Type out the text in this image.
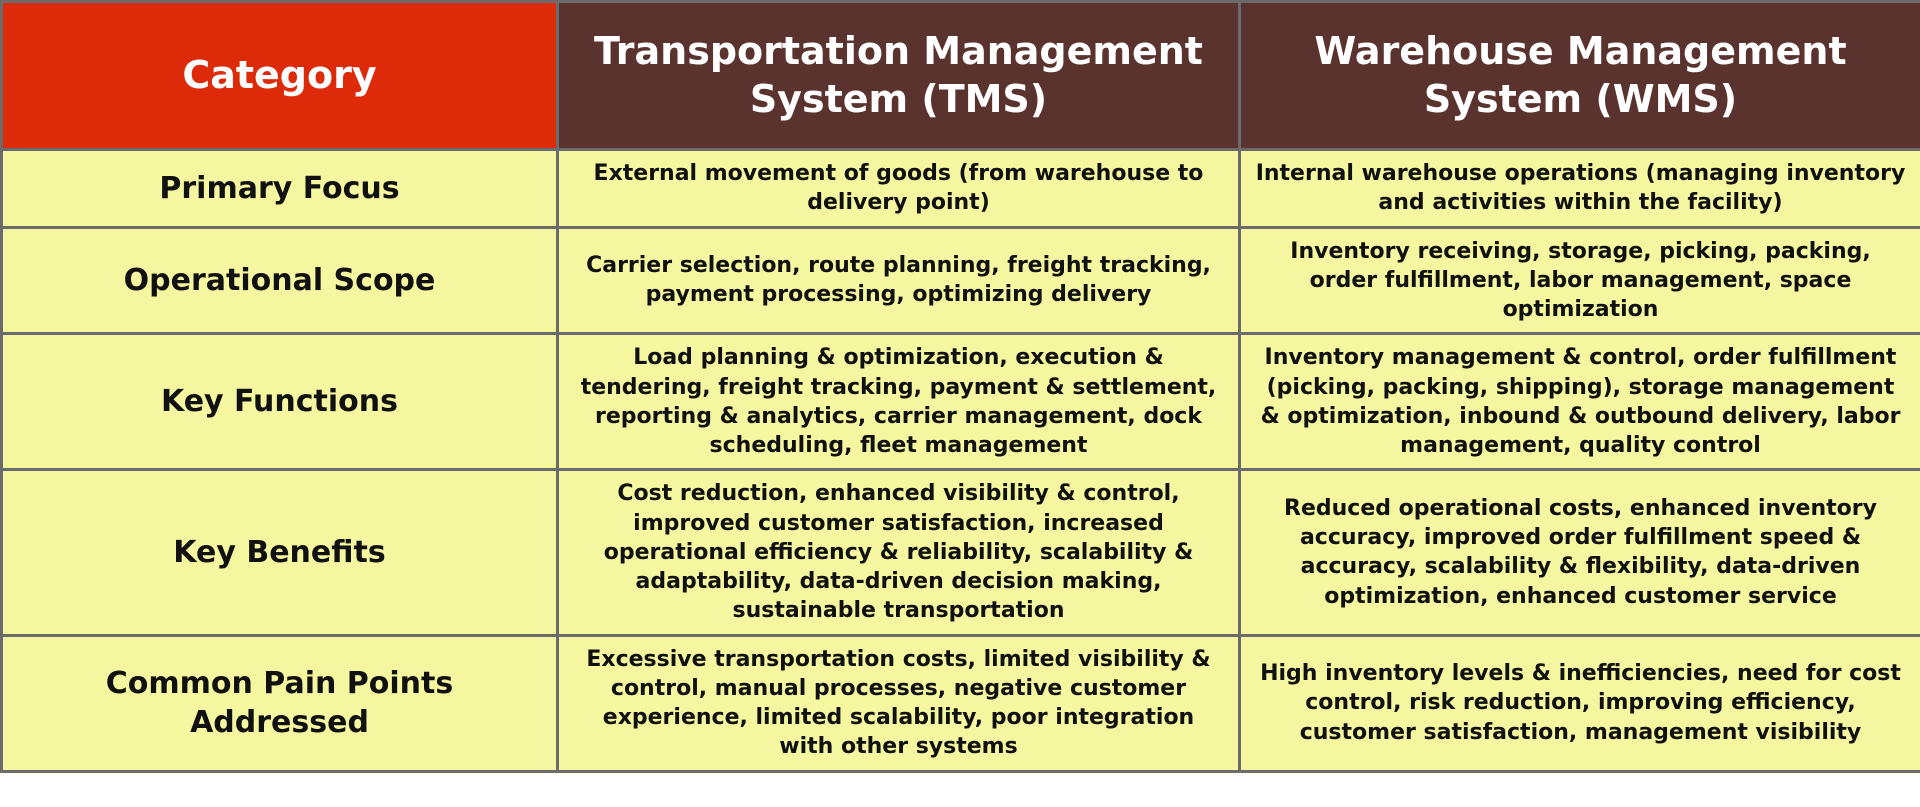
Category	Transportation Management System (TMS)	Warehouse Management System (WMS)
Primary Focus	External movement of goods (from warehouse to delivery point)	Internal warehouse operations (managing inventory and activities within the facility)
Operational Scope	Carrier selection, route planning, freight tracking, payment processing, optimizing delivery	Inventory receiving, storage, picking, packing, order fulfillment, labor management, space optimization
Key Functions	Load planning & optimization, execution & tendering, freight tracking, payment & settlement, reporting & analytics, carrier management, dock scheduling, fleet management	Inventory management & control, order fulfillment (picking, packing, shipping), storage management & optimization, inbound & outbound delivery, labor management, quality control
Key Benefits	Cost reduction, enhanced visibility & control, improved customer satisfaction, increased operational efficiency & reliability, scalability & adaptability, data-driven decision making, sustainable transportation	Reduced operational costs, enhanced inventory accuracy, improved order fulfillment speed & accuracy, scalability & flexibility, data-driven optimization, enhanced customer service
Common Pain Points Addressed	Excessive transportation costs, limited visibility & control, manual processes, negative customer experience, limited scalability, poor integration with other systems	High inventory levels & inefficiencies, need for cost control, risk reduction, improving efficiency, customer satisfaction, management visibility
